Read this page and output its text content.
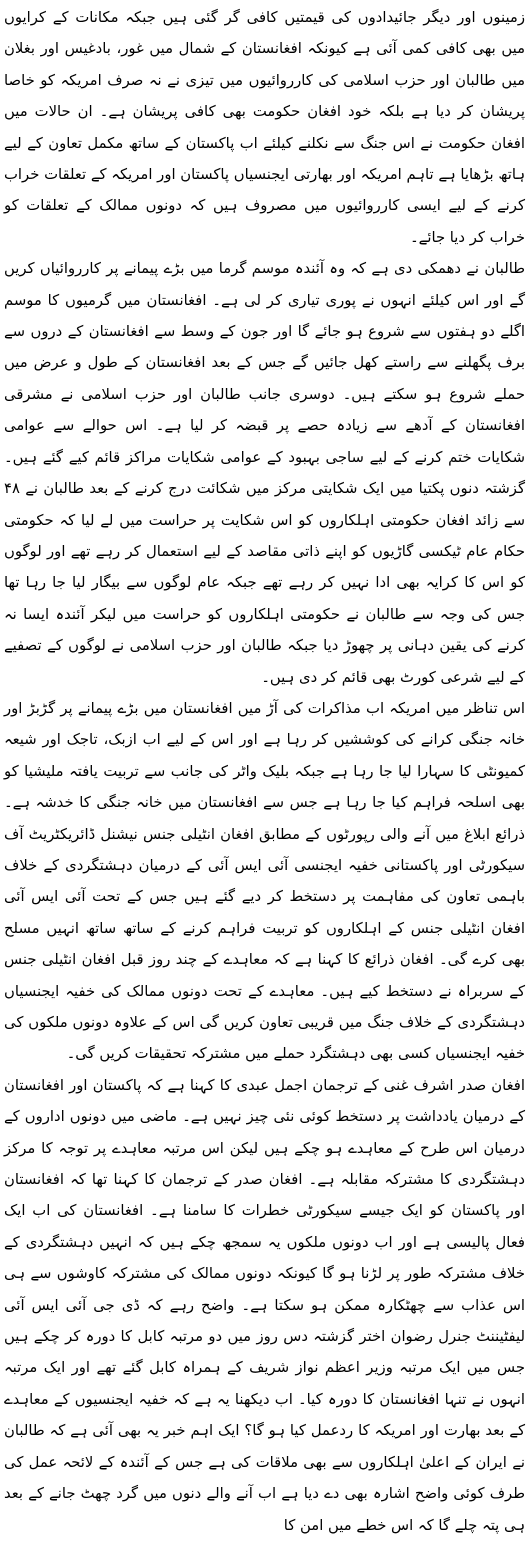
زمینوں اور دیگر جائیدادوں کی قیمتیں کافی گر گئی ہیں جبکہ مکانات کے کرایوں میں بھی کافی کمی آئی ہے کیونکہ افغانستان کے شمال میں غور، بادغیس اور بغلان میں طالبان اور حزب اسلامی کی کارروائیوں میں تیزی نے نہ صرف امریکہ کو خاصا پریشان کر دیا ہے بلکہ خود افغان حکومت بھی کافی پریشان ہے۔ ان حالات میں افغان حکومت نے اس جنگ سے نکلنے کیلئے اب پاکستان کے ساتھ مکمل تعاون کے لیے ہاتھ بڑھایا ہے تاہم امریکہ اور بھارتی ایجنسیاں پاکستان اور امریکہ کے تعلقات خراب کرنے کے لیے ایسی کارروائیوں میں مصروف ہیں کہ دونوں ممالک کے تعلقات کو خراب کر دیا جائے۔

طالبان نے دھمکی دی ہے کہ وہ آئندہ موسم گرما میں بڑے پیمانے پر کارروائیاں کریں گے اور اس کیلئے انہوں نے پوری تیاری کر لی ہے۔ افغانستان میں گرمیوں کا موسم اگلے دو ہفتوں سے شروع ہو جائے گا اور جون کے وسط سے افغانستان کے دروں سے برف پگھلنے سے راستے کھل جائیں گے جس کے بعد افغانستان کے طول و عرض میں حملے شروع ہو سکتے ہیں۔ دوسری جانب طالبان اور حزب اسلامی نے مشرقی افغانستان کے آدھے سے زیادہ حصے پر قبضہ کر لیا ہے۔ اس حوالے سے عوامی شکایات ختم کرنے کے لیے ساجی بہبود کے عوامی شکایات مراکز قائم کیے گئے ہیں۔ گزشتہ دنوں پکتیا میں ایک شکایتی مرکز میں شکائت درج کرنے کے بعد طالبان نے ۴۸ سے زائد افغان حکومتی اہلکاروں کو اس شکایت پر حراست میں لے لیا کہ حکومتی حکام عام ٹیکسی گاڑیوں کو اپنے ذاتی مقاصد کے لیے استعمال کر رہے تھے اور لوگوں کو اس کا کرایہ بھی ادا نہیں کر رہے تھے جبکہ عام لوگوں سے بیگار لیا جا رہا تھا جس کی وجہ سے طالبان نے حکومتی اہلکاروں کو حراست میں لیکر آئندہ ایسا نہ کرنے کی یقین دہانی پر چھوڑ دیا جبکہ طالبان اور حزب اسلامی نے لوگوں کے تصفیے کے لیے شرعی کورٹ بھی قائم کر دی ہیں۔

اس تناظر میں امریکہ اب مذاکرات کی آڑ میں افغانستان میں بڑے پیمانے پر گڑبڑ اور خانہ جنگی کرانے کی کوششیں کر رہا ہے اور اس کے لیے اب ازبک، تاجک اور شیعہ کمیونٹی کا سہارا لیا جا رہا ہے جبکہ بلیک واٹر کی جانب سے تربیت یافتہ ملیشیا کو بھی اسلحہ فراہم کیا جا رہا ہے جس سے افغانستان میں خانہ جنگی کا خدشہ ہے۔ ذرائع ابلاغ میں آنے والی رپورٹوں کے مطابق افغان انٹیلی جنس نیشنل ڈائریکٹریٹ آف سیکورٹی اور پاکستانی خفیہ ایجنسی آئی ایس آئی کے درمیان دہشتگردی کے خلاف باہمی تعاون کی مفاہمت پر دستخط کر دیے گئے ہیں جس کے تحت آئی ایس آئی افغان انٹیلی جنس کے اہلکاروں کو تربیت فراہم کرنے کے ساتھ ساتھ انہیں مسلح بھی کرے گی۔ افغان ذرائع کا کہنا ہے کہ معاہدے کے چند روز قبل افغان انٹیلی جنس کے سربراہ نے دستخط کیے ہیں۔ معاہدے کے تحت دونوں ممالک کی خفیہ ایجنسیاں دہشتگردی کے خلاف جنگ میں قریبی تعاون کریں گی اس کے علاوہ دونوں ملکوں کی خفیہ ایجنسیاں کسی بھی دہشتگرد حملے میں مشترکہ تحقیقات کریں گی۔

افغان صدر اشرف غنی کے ترجمان اجمل عبدی کا کہنا ہے کہ پاکستان اور افغانستان کے درمیان یادداشت پر دستخط کوئی نئی چیز نہیں ہے۔ ماضی میں دونوں اداروں کے درمیان اس طرح کے معاہدے ہو چکے ہیں لیکن اس مرتبہ معاہدے پر توجہ کا مرکز دہشتگردی کا مشترکہ مقابلہ ہے۔ افغان صدر کے ترجمان کا کہنا تھا کہ افغانستان اور پاکستان کو ایک جیسے سیکورٹی خطرات کا سامنا ہے۔ افغانستان کی اب ایک فعال پالیسی ہے اور اب دونوں ملکوں یہ سمجھ چکے ہیں کہ انہیں دہشتگردی کے خلاف مشترکہ طور پر لڑنا ہو گا کیونکہ دونوں ممالک کی مشترکہ کاوشوں سے ہی اس عذاب سے چھٹکارہ ممکن ہو سکتا ہے۔ واضح رہے کہ ڈی جی آئی ایس آئی لیفٹیننٹ جنرل رضوان اختر گزشتہ دس روز میں دو مرتبہ کابل کا دورہ کر چکے ہیں جس میں ایک مرتبہ وزیر اعظم نواز شریف کے ہمراہ کابل گئے تھے اور ایک مرتبہ انہوں نے تنہا افغانستان کا دورہ کیا۔ اب دیکھنا یہ ہے کہ خفیہ ایجنسیوں کے معاہدے کے بعد بھارت اور امریکہ کا ردعمل کیا ہو گا؟ ایک اہم خبر یہ بھی آئی ہے کہ طالبان نے ایران کے اعلیٰ اہلکاروں سے بھی ملاقات کی ہے جس کے آئندہ کے لائحہ عمل کی طرف کوئی واضح اشارہ بھی دے دیا ہے اب آنے والے دنوں میں گرد چھٹ جانے کے بعد ہی پتہ چلے گا کہ اس خطے میں امن کا
